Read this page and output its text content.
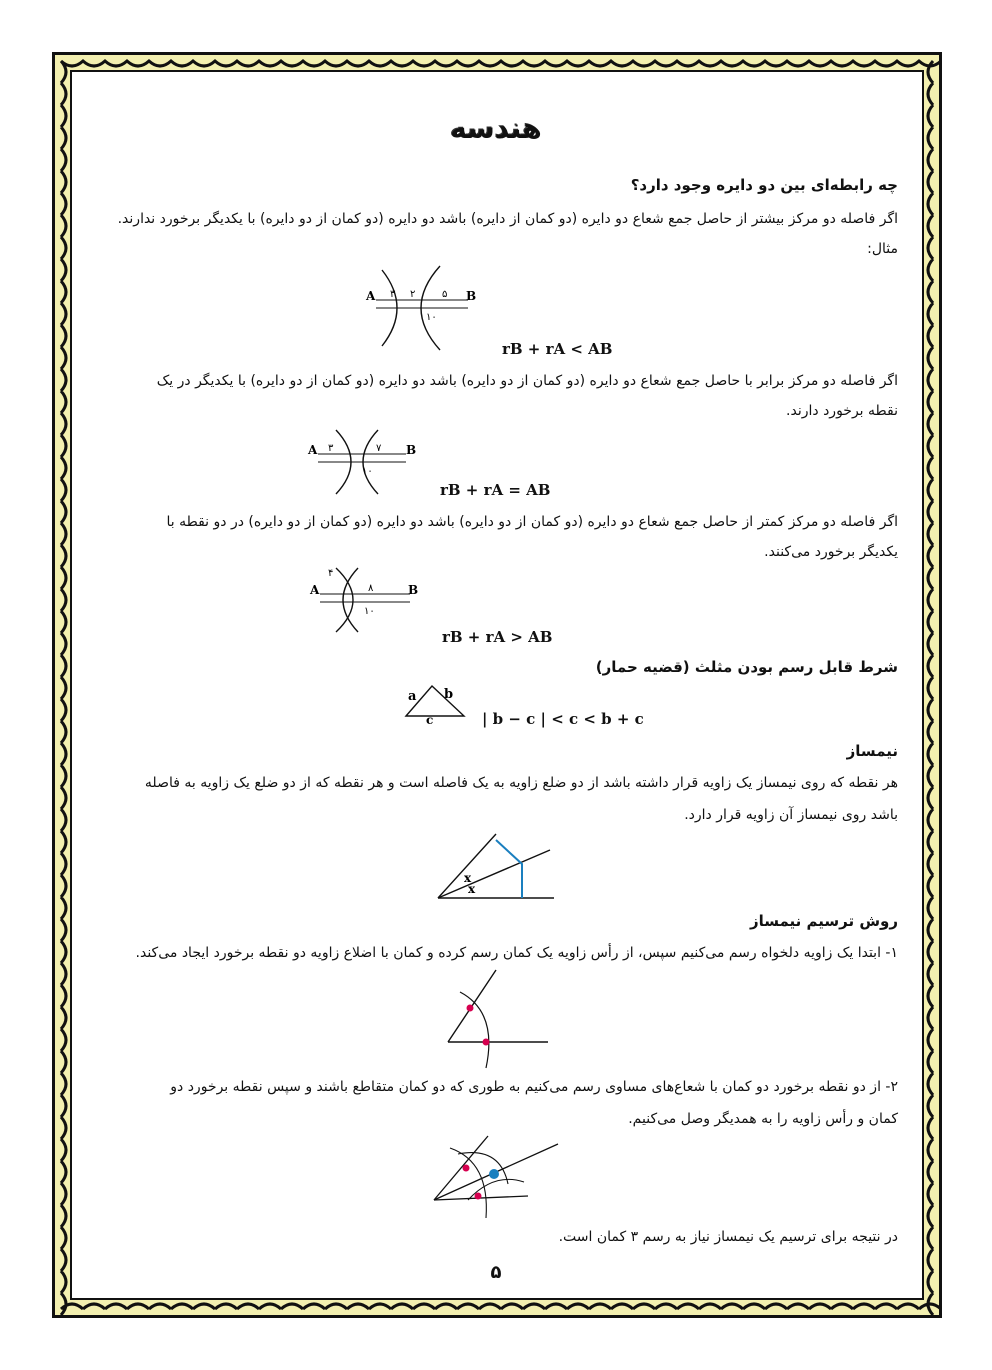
هندسه
چه رابطه‌ای بین دو دایره وجود دارد؟
اگر فاصله دو مرکز بیشتر از حاصل جمع شعاع دو دایره (دو کمان از دایره) باشد دو دایره (دو کمان از دو دایره) با یکدیگر برخورد ندارند.
مثال:
A	B
۳ ۲	۵
۱۰
rB + rA < AB
اگر فاصله دو مرکز برابر با حاصل جمع شعاع دو دایره (دو کمان از دو دایره) باشد دو دایره (دو کمان از دو دایره) با یکدیگر در یک
نقطه برخورد دارند.
A	B
۳	۷
۱۰
rB + rA = AB
اگر فاصله دو مرکز کمتر از حاصل جمع شعاع دو دایره (دو کمان از دو دایره) باشد دو دایره (دو کمان از دو دایره) در دو نقطه با
یکدیگر برخورد می‌کنند.
A	B
۴
۸
۱۰
rB + rA > AB
شرط قابل رسم بودن مثلث (قضیه حمار)
a b
c	| b − c | < c < b + c
نیمساز
هر نقطه که روی نیمساز یک زاویه قرار داشته باشد از دو ضلع زاویه به یک فاصله است و هر نقطه که از دو ضلع یک زاویه به فاصله
باشد روی نیمساز آن زاویه قرار دارد.
x
x
روش ترسیم نیمساز
۱- ابتدا یک زاویه دلخواه رسم می‌کنیم سپس، از رأس زاویه یک کمان رسم کرده و کمان با اضلاع زاویه دو نقطه برخورد ایجاد می‌کند.
۲- از دو نقطه برخورد دو کمان با شعاع‌های مساوی رسم می‌کنیم به طوری که دو کمان متقاطع باشند و سپس نقطه برخورد دو
کمان و رأس زاویه را به همدیگر وصل می‌کنیم.
در نتیجه برای ترسیم یک نیمساز نیاز به رسم ۳ کمان است.
۵
